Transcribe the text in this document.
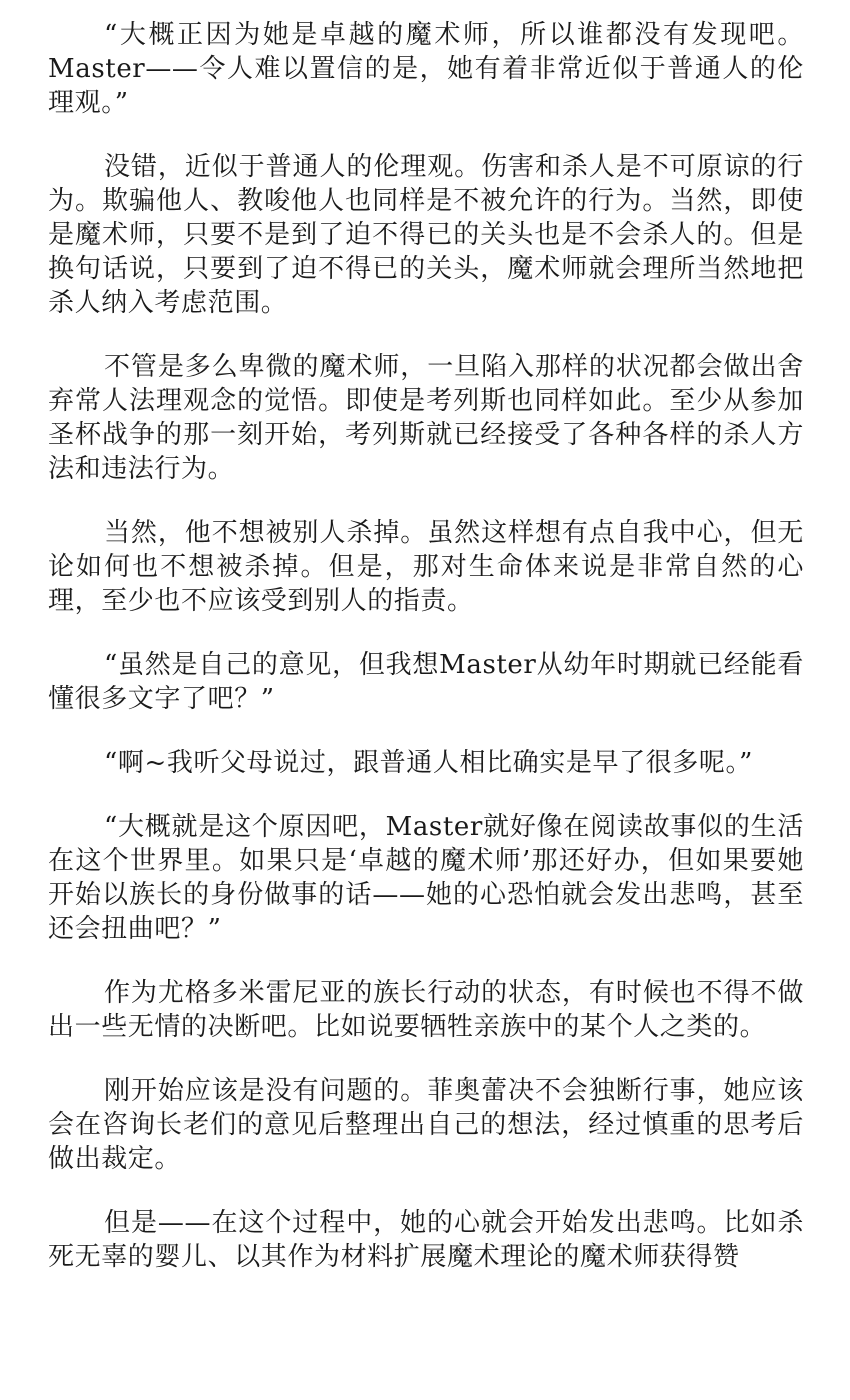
“大概正因为她是卓越的魔术师，所以谁都没有发现吧。Master——令人难以置信的是，她有着非常近似于普通人的伦理观。”

没错，近似于普通人的伦理观。伤害和杀人是不可原谅的行为。欺骗他人、教唆他人也同样是不被允许的行为。当然，即使是魔术师，只要不是到了迫不得已的关头也是不会杀人的。但是换句话说，只要到了迫不得已的关头，魔术师就会理所当然地把杀人纳入考虑范围。

不管是多么卑微的魔术师，一旦陷入那样的状况都会做出舍弃常人法理观念的觉悟。即使是考列斯也同样如此。至少从参加圣杯战争的那一刻开始，考列斯就已经接受了各种各样的杀人方法和违法行为。

当然，他不想被别人杀掉。虽然这样想有点自我中心，但无论如何也不想被杀掉。但是，那对生命体来说是非常自然的心理，至少也不应该受到别人的指责。

“虽然是自己的意见，但我想Master从幼年时期就已经能看懂很多文字了吧？”

“啊~我听父母说过，跟普通人相比确实是早了很多呢。”

“大概就是这个原因吧，Master就好像在阅读故事似的生活在这个世界里。如果只是‘卓越的魔术师’那还好办，但如果要她开始以族长的身份做事的话——她的心恐怕就会发出悲鸣，甚至还会扭曲吧？”

作为尤格多米雷尼亚的族长行动的状态，有时候也不得不做出一些无情的决断吧。比如说要牺牲亲族中的某个人之类的。

刚开始应该是没有问题的。菲奥蕾决不会独断行事，她应该会在咨询长老们的意见后整理出自己的想法，经过慎重的思考后做出裁定。

但是——在这个过程中，她的心就会开始发出悲鸣。比如杀死无辜的婴儿、以其作为材料扩展魔术理论的魔术师获得赞
